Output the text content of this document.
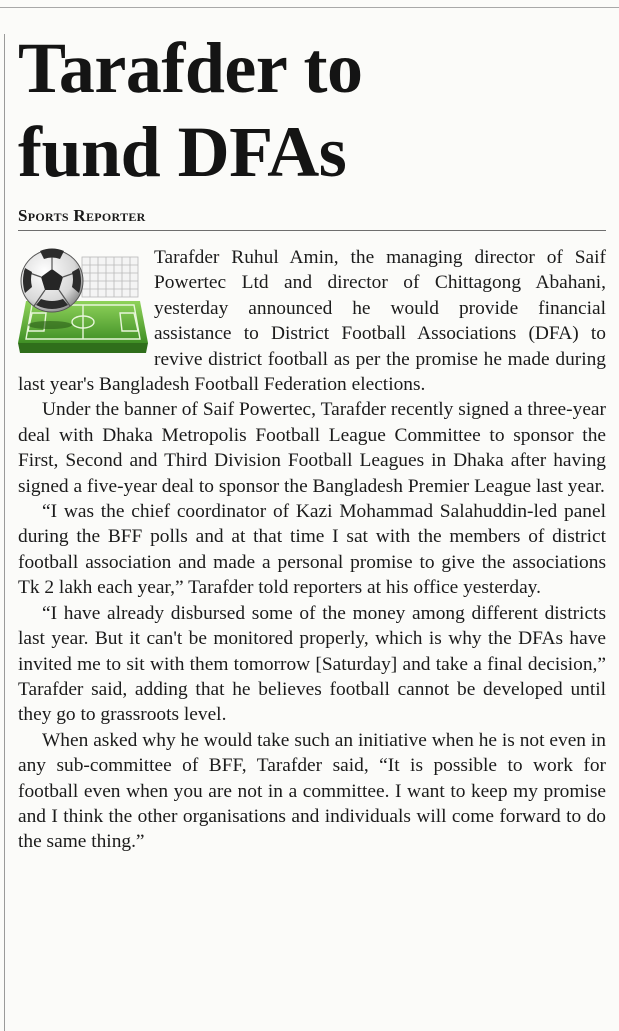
Tarafder to
fund DFAs
Sports Reporter

Tarafder Ruhul Amin, the managing director of Saif Powertec Ltd and director of Chittagong Abahani, yesterday announced he would provide financial assistance to District Football Associations (DFA) to revive district football as per the promise he made during last year's Bangladesh Football Federation elections.

Under the banner of Saif Powertec, Tarafder recently signed a three-year deal with Dhaka Metropolis Football League Committee to sponsor the First, Second and Third Division Football Leagues in Dhaka after having signed a five-year deal to sponsor the Bangladesh Premier League last year.

“I was the chief coordinator of Kazi Mohammad Salahuddin-led panel during the BFF polls and at that time I sat with the members of district football association and made a personal promise to give the associations Tk 2 lakh each year,” Tarafder told reporters at his office yesterday.

“I have already disbursed some of the money among different districts last year. But it can't be monitored properly, which is why the DFAs have invited me to sit with them tomorrow [Saturday] and take a final decision,” Tarafder said, adding that he believes football cannot be developed until they go to grassroots level.

When asked why he would take such an initiative when he is not even in any sub-committee of BFF, Tarafder said, “It is possible to work for football even when you are not in a committee. I want to keep my promise and I think the other organisations and individuals will come forward to do the same thing.”
